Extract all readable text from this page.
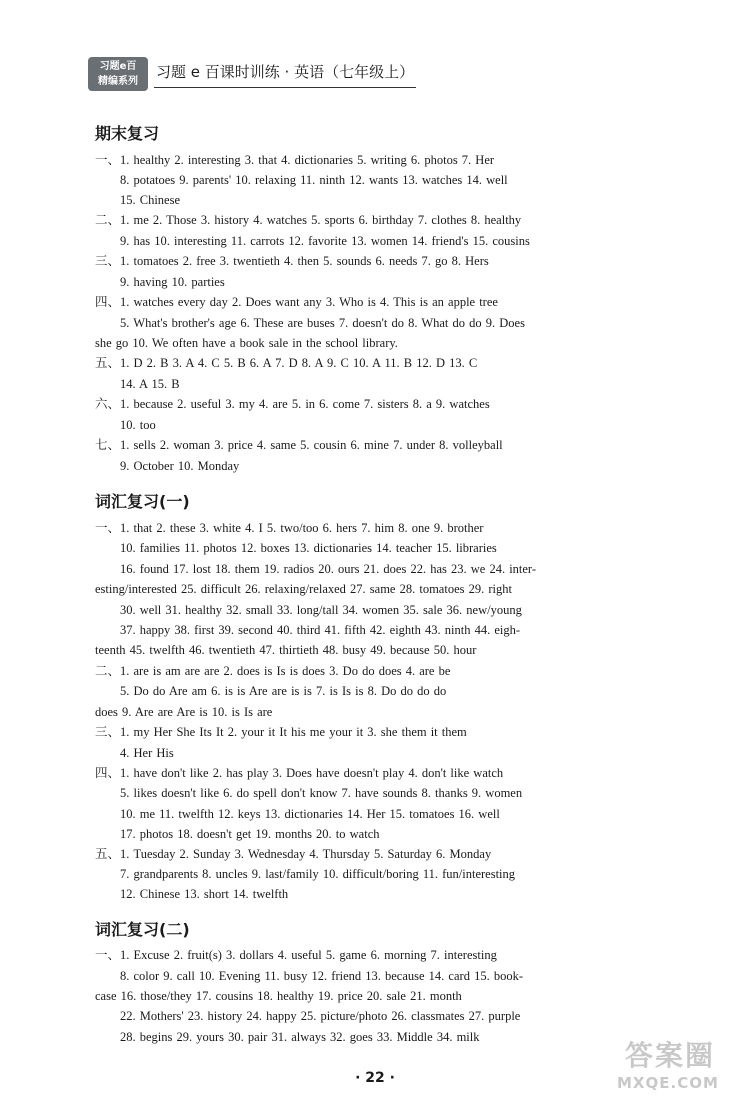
习题e百
精编系列
习题 e 百课时训练 · 英语（七年级上）
期末复习
一、1. healthy 2. interesting 3. that 4. dictionaries 5. writing 6. photos 7. Her
8. potatoes 9. parents' 10. relaxing 11. ninth 12. wants 13. watches 14. well
15. Chinese
二、1. me 2. Those 3. history 4. watches 5. sports 6. birthday 7. clothes 8. healthy
9. has 10. interesting 11. carrots 12. favorite 13. women 14. friend's 15. cousins
三、1. tomatoes 2. free 3. twentieth 4. then 5. sounds 6. needs 7. go 8. Hers
9. having 10. parties
四、1. watches every day 2. Does want any 3. Who is 4. This is an apple tree
5. What's brother's age 6. These are buses 7. doesn't do 8. What do do 9. Does
she go 10. We often have a book sale in the school library.
五、1. D 2. B 3. A 4. C 5. B 6. A 7. D 8. A 9. C 10. A 11. B 12. D 13. C
14. A 15. B
六、1. because 2. useful 3. my 4. are 5. in 6. come 7. sisters 8. a 9. watches
10. too
七、1. sells 2. woman 3. price 4. same 5. cousin 6. mine 7. under 8. volleyball
9. October 10. Monday
词汇复习(一)
一、1. that 2. these 3. white 4. I 5. two/too 6. hers 7. him 8. one 9. brother
10. families 11. photos 12. boxes 13. dictionaries 14. teacher 15. libraries
16. found 17. lost 18. them 19. radios 20. ours 21. does 22. has 23. we 24. inter-
esting/interested 25. difficult 26. relaxing/relaxed 27. same 28. tomatoes 29. right
30. well 31. healthy 32. small 33. long/tall 34. women 35. sale 36. new/young
37. happy 38. first 39. second 40. third 41. fifth 42. eighth 43. ninth 44. eigh-
teenth 45. twelfth 46. twentieth 47. thirtieth 48. busy 49. because 50. hour
二、1. are is am are are 2. does is Is is does 3. Do do does 4. are be
5. Do do Are am 6. is is Are are is is 7. is Is is 8. Do do do do
does 9. Are are Are is 10. is Is are
三、1. my Her She Its It 2. your it It his me your it 3. she them it them
4. Her His
四、1. have don't like 2. has play 3. Does have doesn't play 4. don't like watch
5. likes doesn't like 6. do spell don't know 7. have sounds 8. thanks 9. women
10. me 11. twelfth 12. keys 13. dictionaries 14. Her 15. tomatoes 16. well
17. photos 18. doesn't get 19. months 20. to watch
五、1. Tuesday 2. Sunday 3. Wednesday 4. Thursday 5. Saturday 6. Monday
7. grandparents 8. uncles 9. last/family 10. difficult/boring 11. fun/interesting
12. Chinese 13. short 14. twelfth
词汇复习(二)
一、1. Excuse 2. fruit(s) 3. dollars 4. useful 5. game 6. morning 7. interesting
8. color 9. call 10. Evening 11. busy 12. friend 13. because 14. card 15. book-
case 16. those/they 17. cousins 18. healthy 19. price 20. sale 21. month
22. Mothers' 23. history 24. happy 25. picture/photo 26. classmates 27. purple
28. begins 29. yours 30. pair 31. always 32. goes 33. Middle 34. milk
· 22 ·
答案圈
MXQE.COM
